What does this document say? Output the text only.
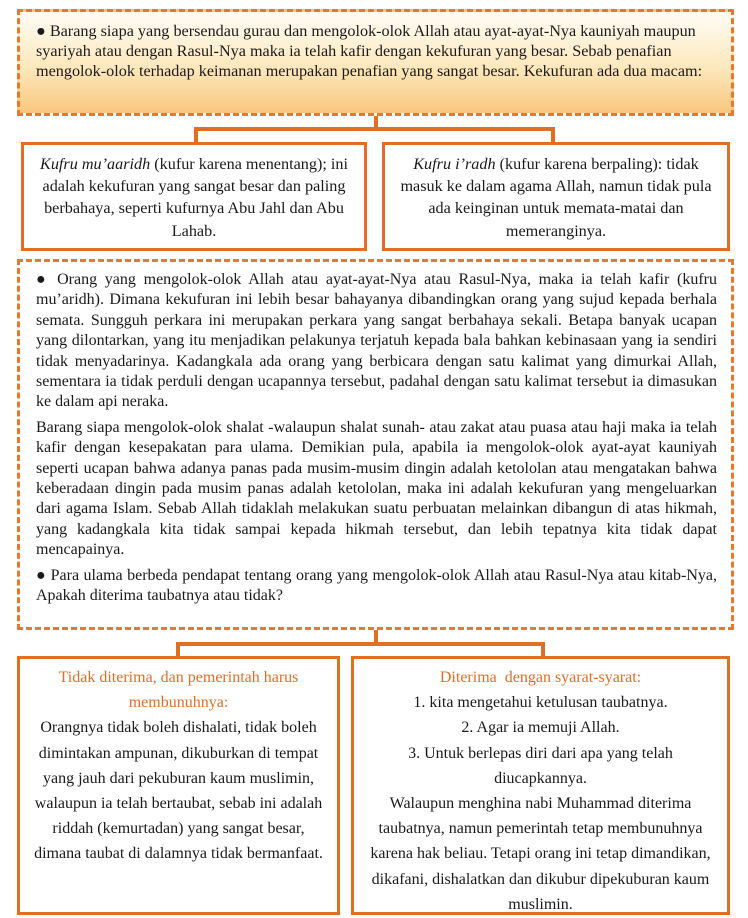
● Barang siapa yang bersendau gurau dan mengolok-olok Allah atau ayat-ayat-Nya kauniyah maupun syariyah atau dengan Rasul-Nya maka ia telah kafir dengan kekufuran yang besar. Sebab penafian mengolok-olok terhadap keimanan merupakan penafian yang sangat besar. Kekufuran ada dua macam:

Kufru mu’aaridh (kufur karena menentang); ini adalah kekufuran yang sangat besar dan paling berbahaya, seperti kufurnya Abu Jahl dan Abu Lahab.

Kufru i’radh (kufur karena berpaling): tidak masuk ke dalam agama Allah, namun tidak pula ada keinginan untuk memata-matai dan memeranginya.

● Orang yang mengolok-olok Allah atau ayat-ayat-Nya atau Rasul-Nya, maka ia telah kafir (kufru mu’aridh). Dimana kekufuran ini lebih besar bahayanya dibandingkan orang yang sujud kepada berhala semata. Sungguh perkara ini merupakan perkara yang sangat berbahaya sekali. Betapa banyak ucapan yang dilontarkan, yang itu menjadikan pelakunya terjatuh kepada bala bahkan kebinasaan yang ia sendiri tidak menyadarinya. Kadangkala ada orang yang berbicara dengan satu kalimat yang dimurkai Allah, sementara ia tidak perduli dengan ucapannya tersebut, padahal dengan satu kalimat tersebut ia dimasukan ke dalam api neraka.

Barang siapa mengolok-olok shalat -walaupun shalat sunah- atau zakat atau puasa atau haji maka ia telah kafir dengan kesepakatan para ulama. Demikian pula, apabila ia mengolok-olok ayat-ayat kauniyah seperti ucapan bahwa adanya panas pada musim-musim dingin adalah ketololan atau mengatakan bahwa keberadaan dingin pada musim panas adalah ketololan, maka ini adalah kekufuran yang mengeluarkan dari agama Islam. Sebab Allah tidaklah melakukan suatu perbuatan melainkan dibangun di atas hikmah, yang kadangkala kita tidak sampai kepada hikmah tersebut, dan lebih tepatnya kita tidak dapat mencapainya.

● Para ulama berbeda pendapat tentang orang yang mengolok-olok Allah atau Rasul-Nya atau kitab-Nya, Apakah diterima taubatnya atau tidak?

Tidak diterima, dan pemerintah harus membunuhnya:

Orangnya tidak boleh dishalati, tidak boleh dimintakan ampunan, dikuburkan di tempat yang jauh dari pekuburan kaum muslimin, walaupun ia telah bertaubat, sebab ini adalah riddah (kemurtadan) yang sangat besar, dimana taubat di dalamnya tidak bermanfaat.

Diterima  dengan syarat-syarat:

1. kita mengetahui ketulusan taubatnya.

2. Agar ia memuji Allah.

3. Untuk berlepas diri dari apa yang telah diucapkannya.

Walaupun menghina nabi Muhammad diterima taubatnya, namun pemerintah tetap membunuhnya karena hak beliau. Tetapi orang ini tetap dimandikan, dikafani, dishalatkan dan dikubur dipekuburan kaum muslimin.
